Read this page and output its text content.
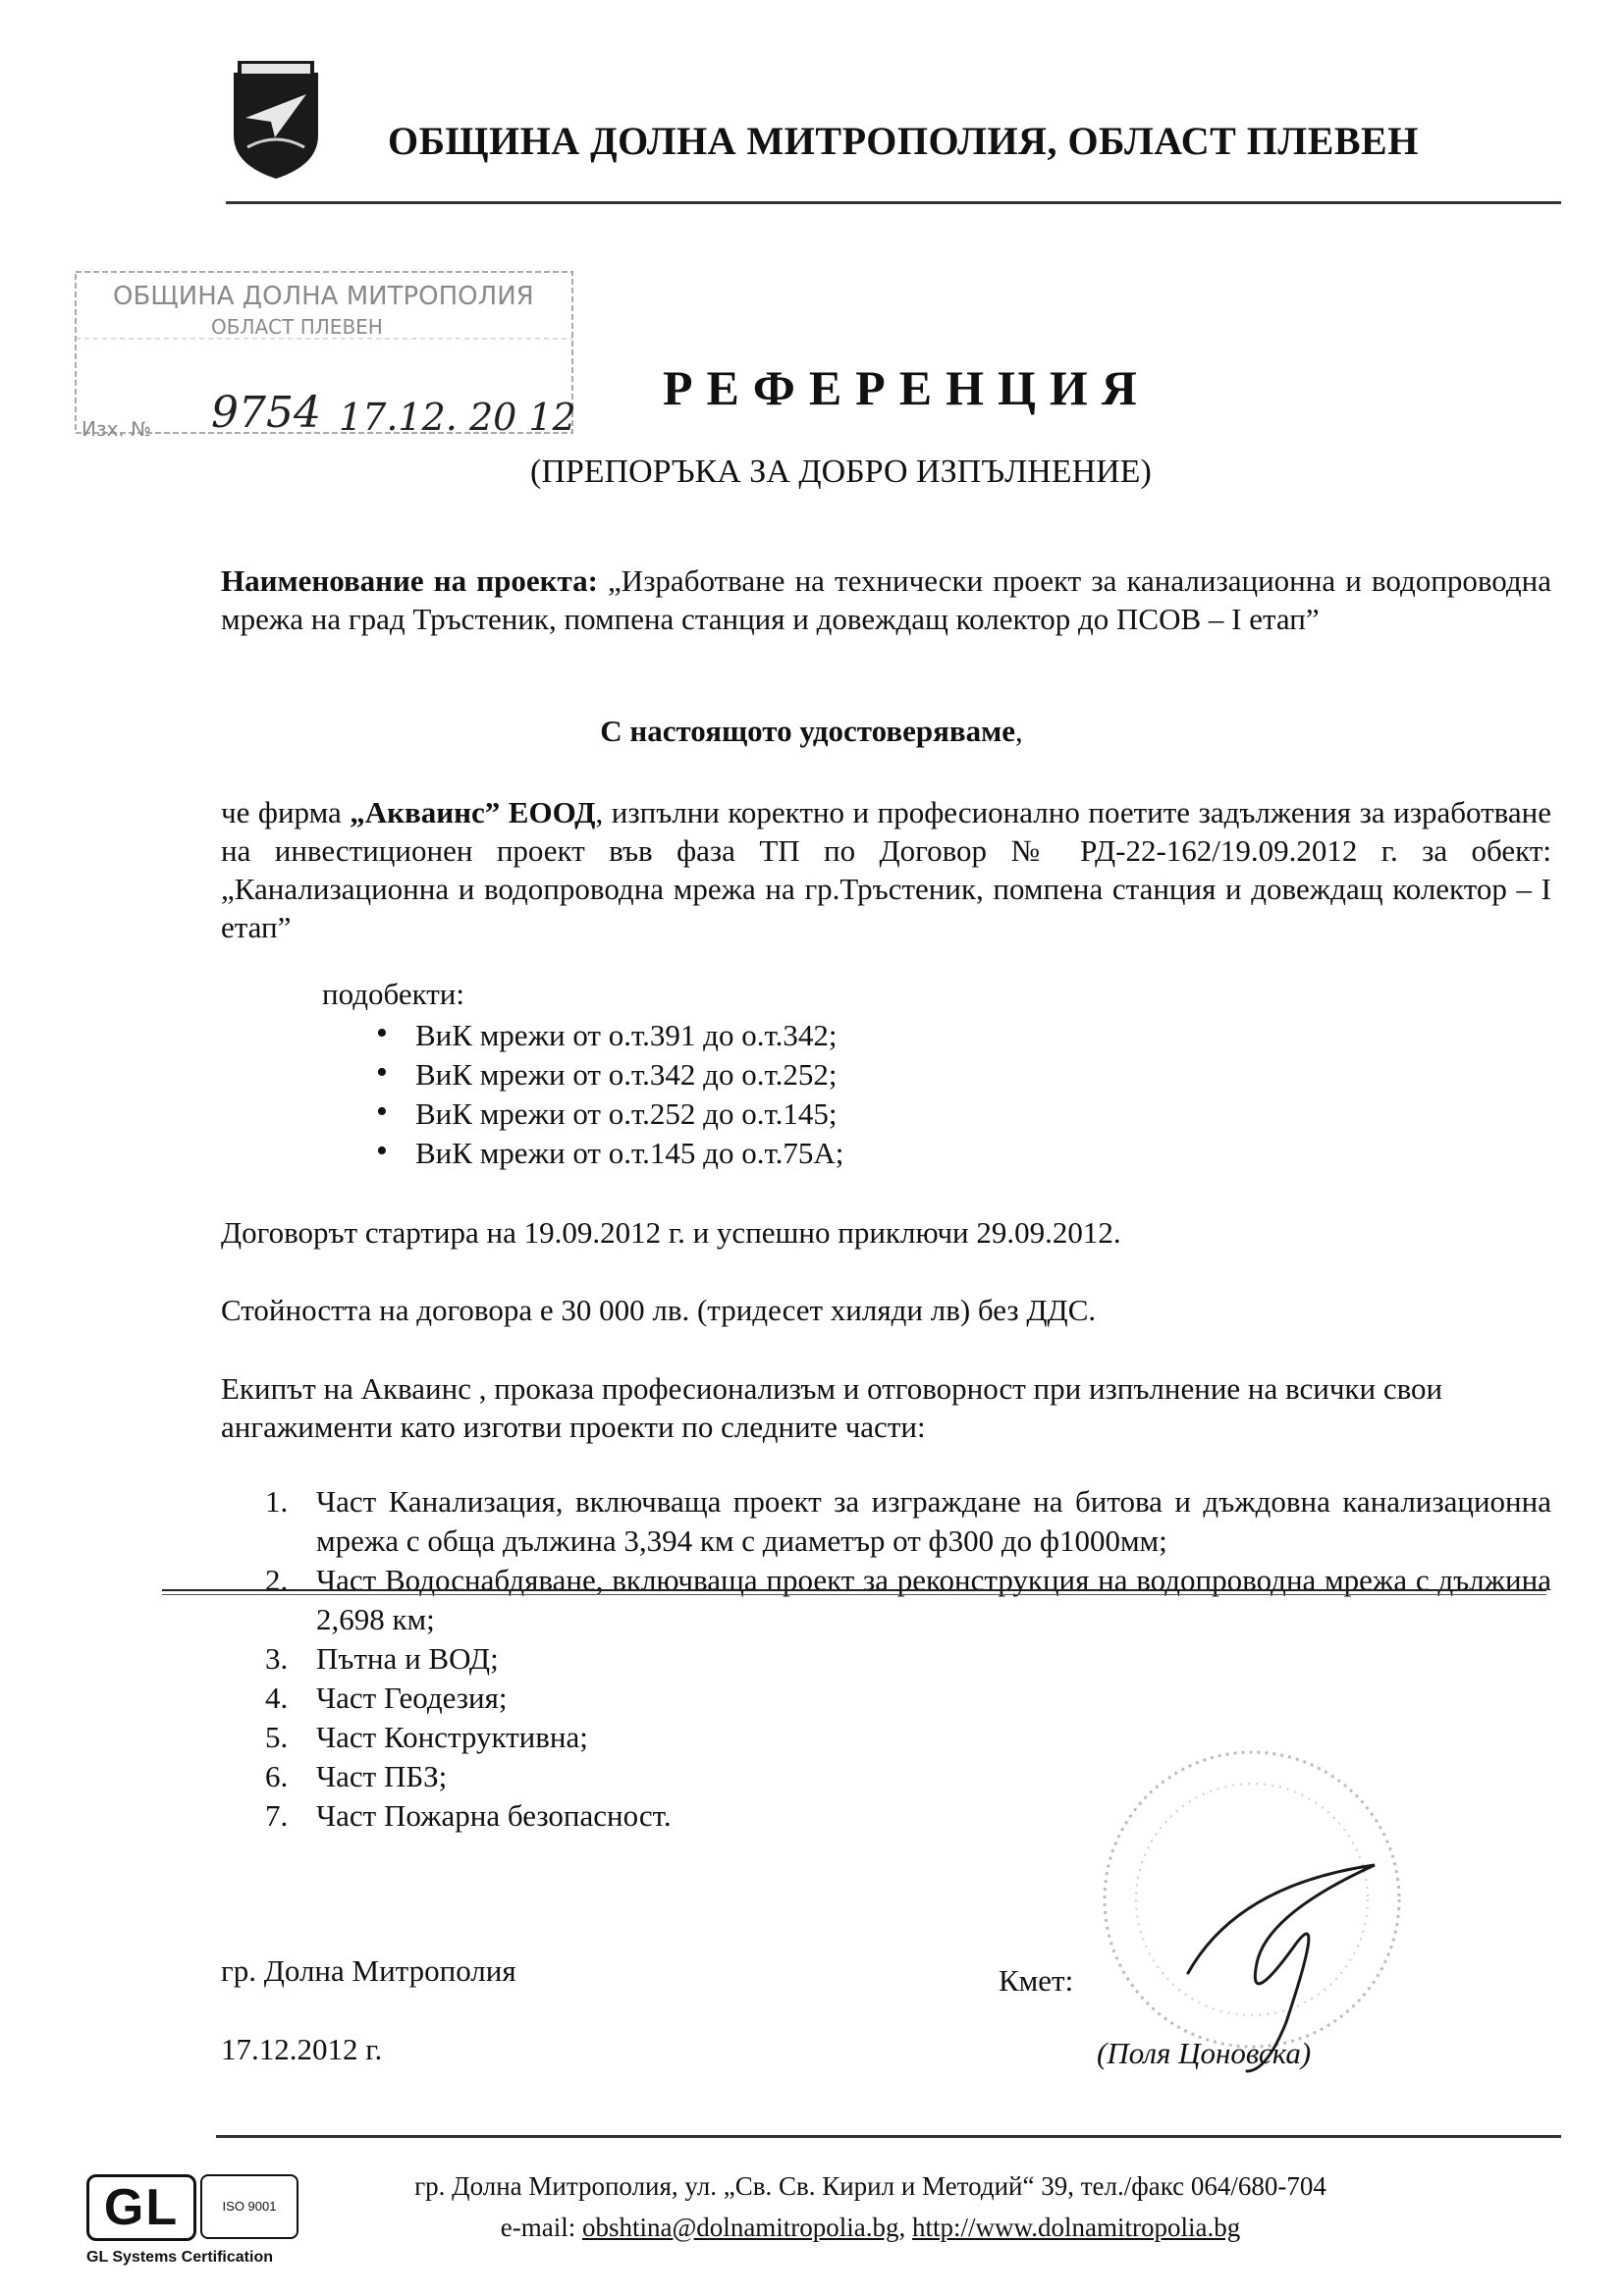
ОБЩИНА ДОЛНА МИТРОПОЛИЯ, ОБЛАСТ ПЛЕВЕН
ОБЩИНА ДОЛНА МИТРОПОЛИЯ
ОБЛАСТ ПЛЕВЕН
Изх. № 9754 17.12. 20 12
РЕФЕРЕНЦИЯ
(ПРЕПОРЪКА ЗА ДОБРО ИЗПЪЛНЕНИЕ)
Наименование на проекта: „Изработване на технически проект за канализационна и водопроводна мрежа на град Тръстеник, помпена станция и довеждащ колектор до ПСОВ – І етап”
С настоящото удостоверяваме,
че фирма „Акваинс” ЕООД, изпълни коректно и професионално поетите задължения за изработване на инвестиционен проект във фаза ТП по Договор № РД-22-162/19.09.2012 г. за обект: „Канализационна и водопроводна мрежа на гр.Тръстеник, помпена станция и довеждащ колектор – І етап”
подобекти:
• ВиК мрежи от о.т.391 до о.т.342;
• ВиК мрежи от о.т.342 до о.т.252;
• ВиК мрежи от о.т.252 до о.т.145;
• ВиК мрежи от о.т.145 до о.т.75А;
Договорът стартира на 19.09.2012 г. и успешно приключи 29.09.2012.
Стойността на договора е 30 000 лв. (тридесет хиляди лв) без ДДС.
Екипът на Акваинс , проказа професионализъм и отговорност при изпълнение на всички свои ангажименти като изготви проекти по следните части:
1. Част Канализация, включваща проект за изграждане на битова и дъждовна канализационна мрежа с обща дължина 3,394 км с диаметър от ф300 до ф1000мм;
2. Част Водоснабдяване, включваща проект за реконструкция на водопроводна мрежа с дължина 2,698 км;
3. Пътна и ВОД;
4. Част Геодезия;
5. Част Конструктивна;
6. Част ПБЗ;
7. Част Пожарна безопасност.
гр. Долна Митрополия
17.12.2012 г.
Кмет:
(Поля Цоновска)
GL	ISO 9001
GL Systems Certification
гр. Долна Митрополия, ул. „Св. Св. Кирил и Методий“ 39, тел./факс 064/680-704
e-mail: obshtina@dolnamitropolia.bg, http://www.dolnamitropolia.bg
